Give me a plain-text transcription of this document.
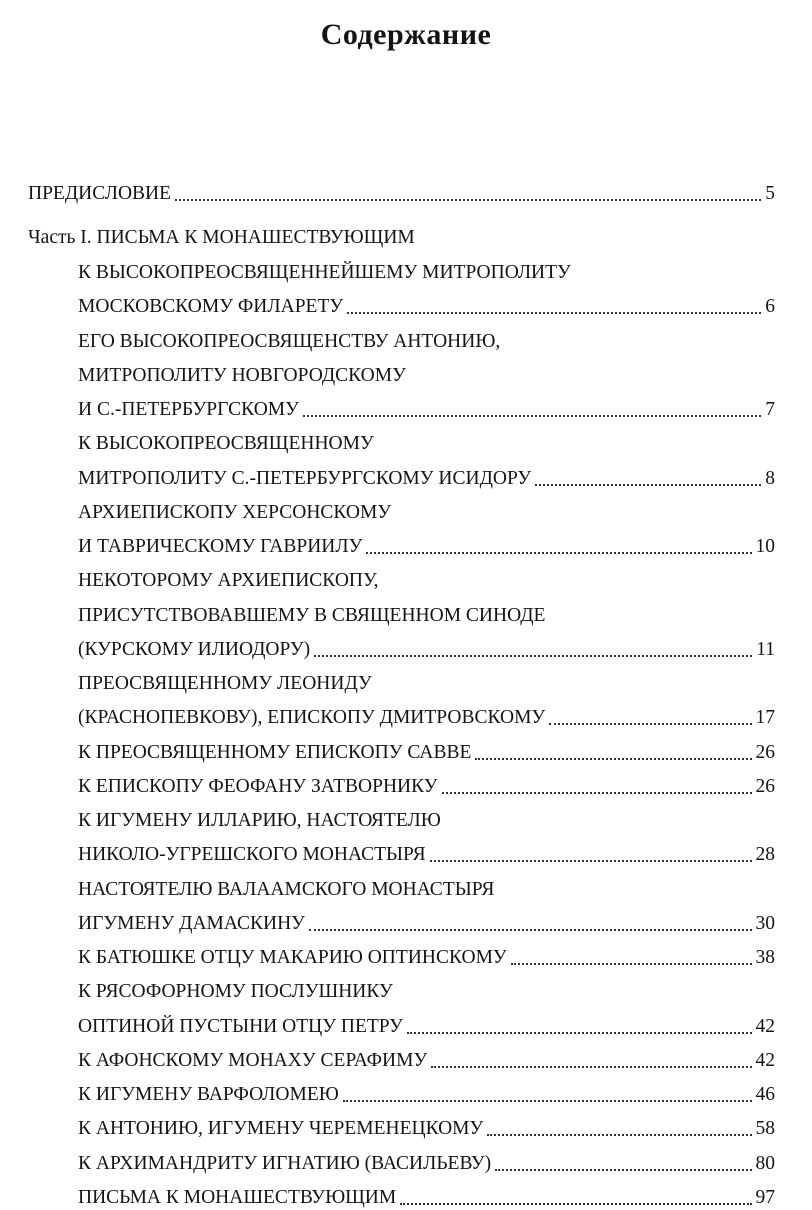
Содержание
ПРЕДИСЛОВИЕ	5
Часть I. ПИСЬМА К МОНАШЕСТВУЮЩИМ
К ВЫСОКОПРЕОСВЯЩЕННЕЙШЕМУ МИТРОПОЛИТУ
МОСКОВСКОМУ ФИЛАРЕТУ	6
ЕГО ВЫСОКОПРЕОСВЯЩЕНСТВУ АНТОНИЮ,
МИТРОПОЛИТУ НОВГОРОДСКОМУ
И С.-ПЕТЕРБУРГСКОМУ	7
К ВЫСОКОПРЕОСВЯЩЕННОМУ
МИТРОПОЛИТУ С.-ПЕТЕРБУРГСКОМУ ИСИДОРУ	8
АРХИЕПИСКОПУ ХЕРСОНСКОМУ
И ТАВРИЧЕСКОМУ ГАВРИИЛУ	10
НЕКОТОРОМУ АРХИЕПИСКОПУ,
ПРИСУТСТВОВАВШЕМУ В СВЯЩЕННОМ СИНОДЕ
(КУРСКОМУ ИЛИОДОРУ)	11
ПРЕОСВЯЩЕННОМУ ЛЕОНИДУ
(КРАСНОПЕВКОВУ), ЕПИСКОПУ ДМИТРОВСКОМУ	17
К ПРЕОСВЯЩЕННОМУ ЕПИСКОПУ САВВЕ	26
К ЕПИСКОПУ ФЕОФАНУ ЗАТВОРНИКУ	26
К ИГУМЕНУ ИЛЛАРИЮ, НАСТОЯТЕЛЮ
НИКОЛО-УГРЕШСКОГО МОНАСТЫРЯ	28
НАСТОЯТЕЛЮ ВАЛААМСКОГО МОНАСТЫРЯ
ИГУМЕНУ ДАМАСКИНУ	30
К БАТЮШКЕ ОТЦУ МАКАРИЮ ОПТИНСКОМУ	38
К РЯСОФОРНОМУ ПОСЛУШНИКУ
ОПТИНОЙ ПУСТЫНИ ОТЦУ ПЕТРУ	42
К АФОНСКОМУ МОНАХУ СЕРАФИМУ	42
К ИГУМЕНУ ВАРФОЛОМЕЮ	46
К АНТОНИЮ, ИГУМЕНУ ЧЕРЕМЕНЕЦКОМУ	58
К АРХИМАНДРИТУ ИГНАТИЮ (ВАСИЛЬЕВУ)	80
ПИСЬМА К МОНАШЕСТВУЮЩИМ	97
